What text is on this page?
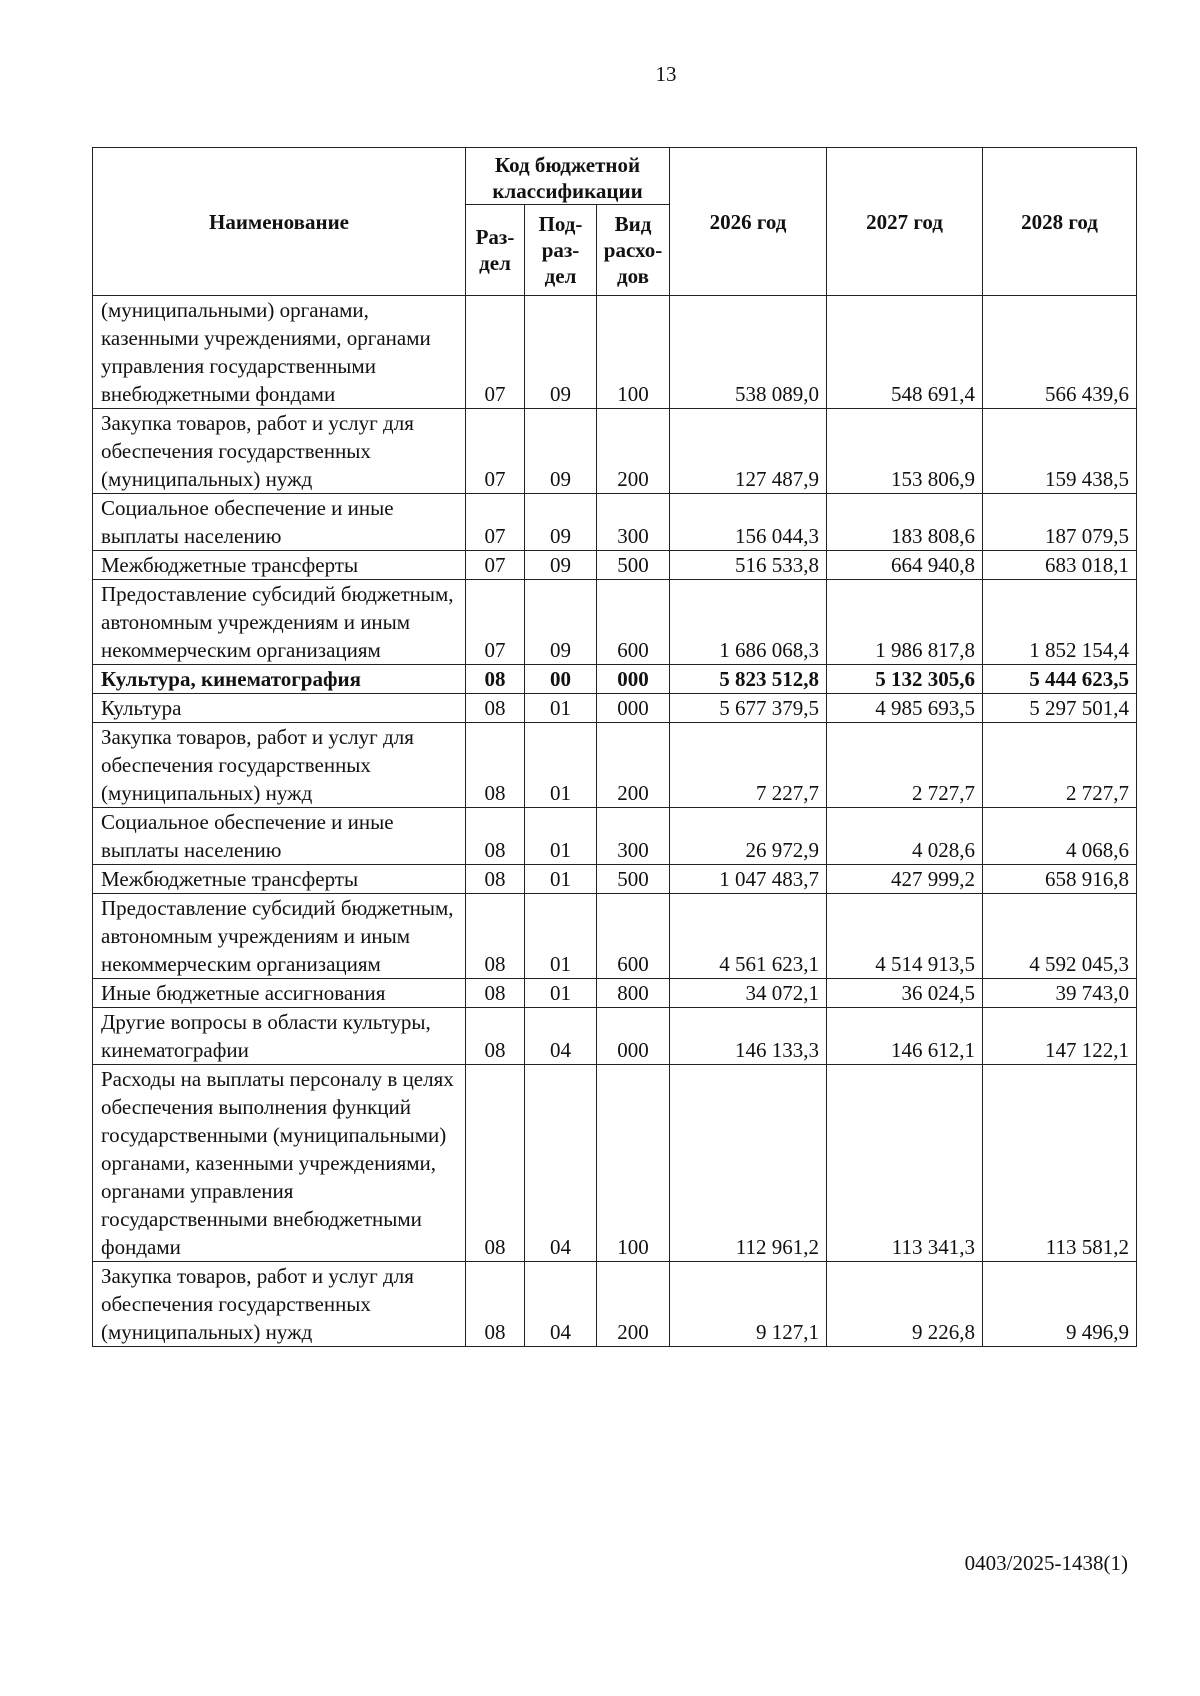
13
Наименование	Код бюджетной классификации			2026 год	2027 год	2028 год
	Раз-дел	Под-раз-дел	Вид расхо-дов			
(муниципальными) органами, казенными учреждениями, органами управления государственными внебюджетными фондами	07	09	100	538 089,0	548 691,4	566 439,6
Закупка товаров, работ и услуг для обеспечения государственных (муниципальных) нужд	07	09	200	127 487,9	153 806,9	159 438,5
Социальное обеспечение и иные выплаты населению	07	09	300	156 044,3	183 808,6	187 079,5
Межбюджетные трансферты	07	09	500	516 533,8	664 940,8	683 018,1
Предоставление субсидий бюджетным, автономным учреждениям и иным некоммерческим организациям	07	09	600	1 686 068,3	1 986 817,8	1 852 154,4
Культура, кинематография	08	00	000	5 823 512,8	5 132 305,6	5 444 623,5
Культура	08	01	000	5 677 379,5	4 985 693,5	5 297 501,4
Закупка товаров, работ и услуг для обеспечения государственных (муниципальных) нужд	08	01	200	7 227,7	2 727,7	2 727,7
Социальное обеспечение и иные выплаты населению	08	01	300	26 972,9	4 028,6	4 068,6
Межбюджетные трансферты	08	01	500	1 047 483,7	427 999,2	658 916,8
Предоставление субсидий бюджетным, автономным учреждениям и иным некоммерческим организациям	08	01	600	4 561 623,1	4 514 913,5	4 592 045,3
Иные бюджетные ассигнования	08	01	800	34 072,1	36 024,5	39 743,0
Другие вопросы в области культуры, кинематографии	08	04	000	146 133,3	146 612,1	147 122,1
Расходы на выплаты персоналу в целях обеспечения выполнения функций государственными (муниципальными) органами, казенными учреждениями, органами управления государственными внебюджетными фондами	08	04	100	112 961,2	113 341,3	113 581,2
Закупка товаров, работ и услуг для обеспечения государственных (муниципальных) нужд	08	04	200	9 127,1	9 226,8	9 496,9
0403/2025-1438(1)
